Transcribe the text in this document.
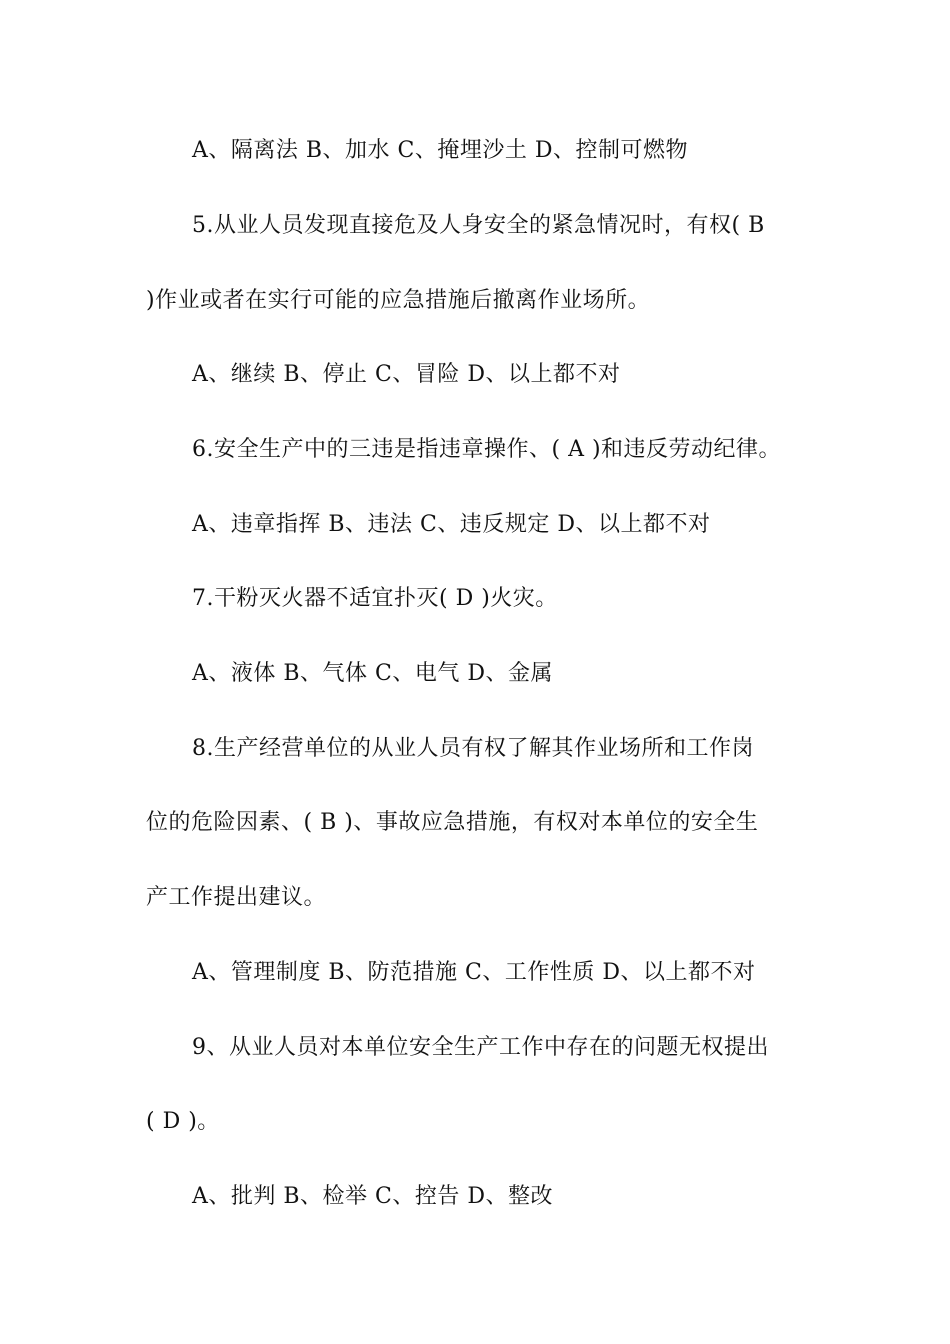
A、隔离法 B、加水 C、掩埋沙土 D、控制可燃物
5.从业人员发现直接危及人身安全的紧急情况时，有权( B
)作业或者在实行可能的应急措施后撤离作业场所。
A、继续 B、停止 C、冒险 D、以上都不对
6.安全生产中的三违是指违章操作、( A )和违反劳动纪律。
A、违章指挥 B、违法 C、违反规定 D、以上都不对
7.干粉灭火器不适宜扑灭( D )火灾。
A、液体 B、气体 C、电气 D、金属
8.生产经营单位的从业人员有权了解其作业场所和工作岗
位的危险因素、( B )、事故应急措施，有权对本单位的安全生
产工作提出建议。
A、管理制度 B、防范措施 C、工作性质 D、以上都不对
9、从业人员对本单位安全生产工作中存在的问题无权提出
( D )。
A、批判 B、检举 C、控告 D、整改
